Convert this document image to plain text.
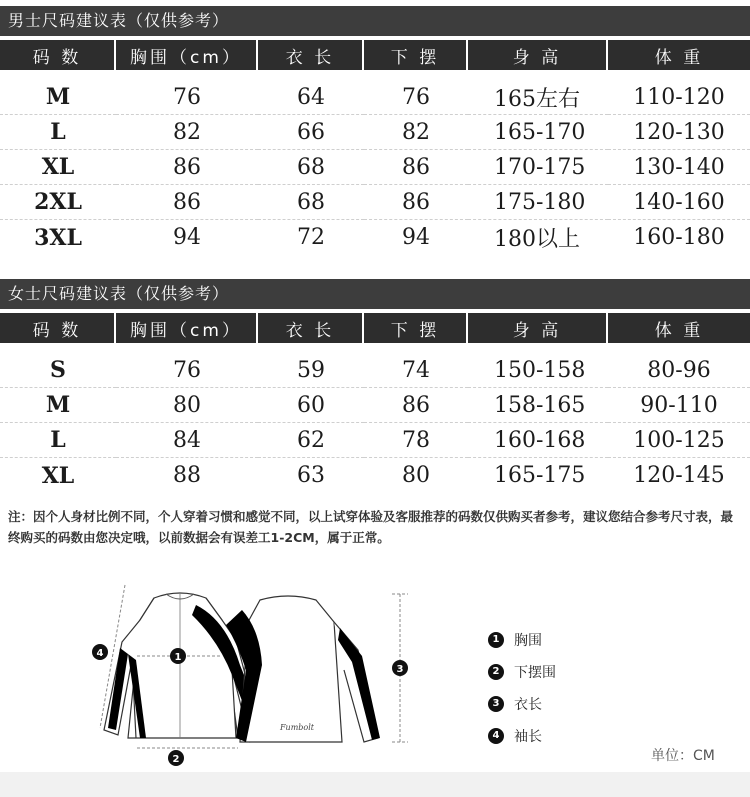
男士尺码建议表（仅供参考）
码 数	胸围（cm）	衣 长	下 摆	身 高	体 重
M	76	64	76	165左右	110-120
L	82	66	82	165-170	120-130
XL	86	68	86	170-175	130-140
2XL	86	68	86	175-180	140-160
3XL	94	72	94	180以上	160-180
女士尺码建议表（仅供参考）
码 数	胸围（cm）	衣 长	下 摆	身 高	体 重
S	76	59	74	150-158	80-96
M	80	60	86	158-165	90-110
L	84	62	78	160-168	100-125
XL	88	63	80	165-175	120-145
注：因个人身材比例不同，个人穿着习惯和感觉不同，以上试穿体验及客服推荐的码数仅供购买者参考，建议您结合参考尺寸表，最终购买的码数由您决定哦，以前数据会有误差工1-2CM，属于正常。
Fumbolt
1
2
3
4
1	胸围
2	下摆围
3	衣长
4	袖长
单位：CM
